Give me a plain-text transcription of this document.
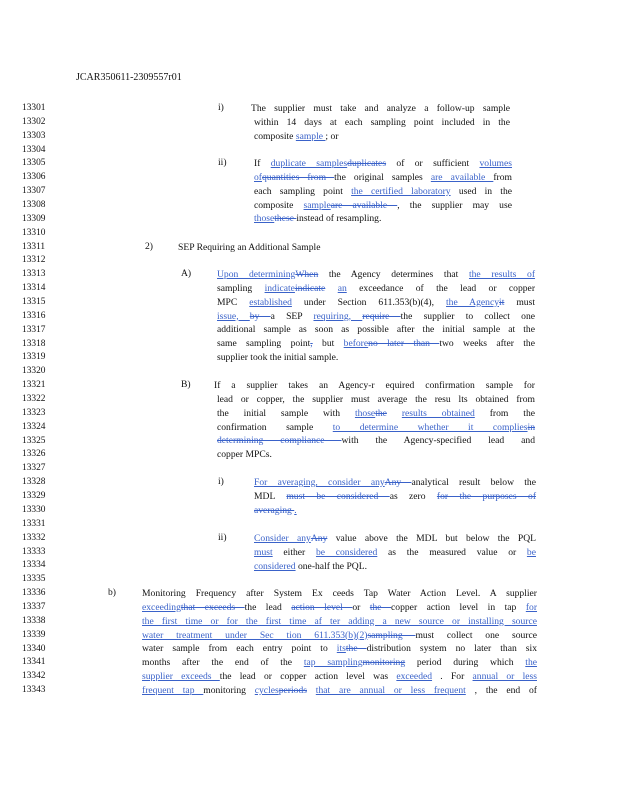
JCAR350611-2309557r01
13301
13302
13303
13304
13305
13306
13307
13308
13309
13310
13311
13312
13313
13314
13315
13316
13317
13318
13319
13320
13321
13322
13323
13324
13325
13326
13327
13328
13329
13330
13331
13332
13333
13334
13335
13336
13337
13338
13339
13340
13341
13342
13343
i)	The supplier must take and analyze a follow-up sample
within 14 days at each sampling point included in the
composite sample ; or
ii)	If duplicate samplesduplicates of or sufficient volumes
ofquantities from the original samples are available from
each sampling point the certified laboratory used in the
composite sampleare available , the supplier may use
thosethese instead of resampling.
2)	SEP Requiring an Additional Sample
A)	Upon determiningWhen the Agency determines that the results of
sampling indicateindicate an exceedance of the lead or copper
MPC established under Section 611.353(b)(4), the Agencyit must
issue, by a SEP requiring, require the supplier to collect one
additional sample as soon as possible after the initial sample at the
same sampling point, but beforeno later than two weeks after the
supplier took the initial sample.
B) If a supplier takes an Agency-r equired confirmation sample for
lead or copper, the supplier must average the resu lts obtained from
the initial sample with thosethe results obtained from the
confirmation sample to determine whether it compliesin
determining compliance with the Agency-specified lead and
copper MPCs.
i)	For averaging, consider anyAny analytical result below the
MDL must be considered as zero for the purposes of
averaging .
ii)	Consider anyAny value above the MDL but below the PQL
must either be considered as the measured value or be
considered one-half the PQL.
b)	Monitoring Frequency after System Ex ceeds Tap Water Action Level. A supplier
exceedingthat exceeds the lead action level or the copper action level in tap for
the first time or for the first time af ter adding a new source or installing source
water treatment under Sec tion 611.353(b)(2)sampling must collect one source
water sample from each entry point to itsthe distribution system no later than six
months after the end of the tap samplingmonitoring period during which the
supplier exceeds the lead or copper action level was exceeded . For annual or less
frequent tap monitoring cyclesperiods that are annual or less frequent , the end of
